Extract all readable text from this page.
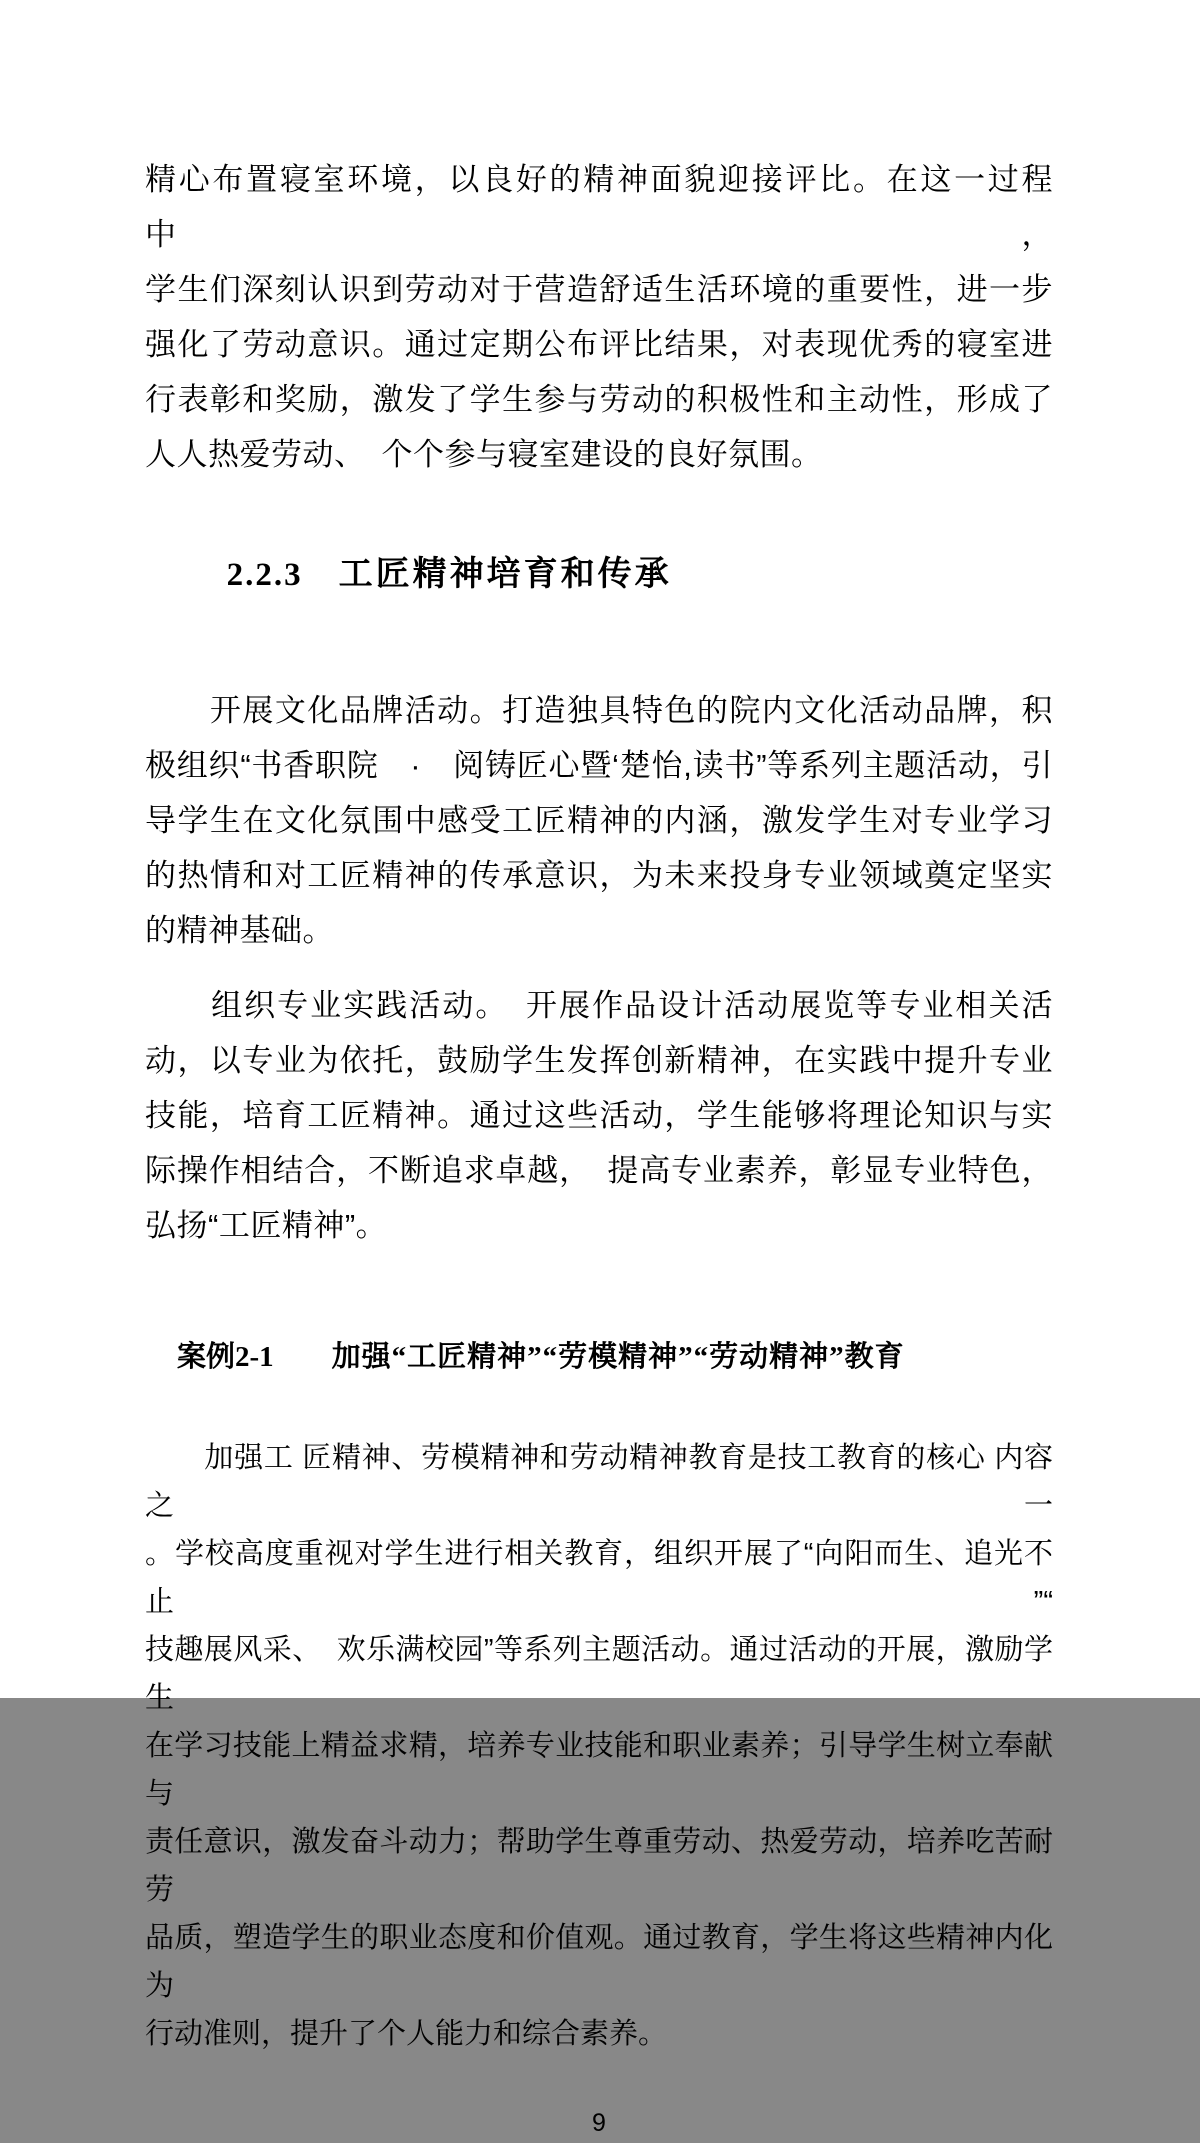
精心布置寝室环境，以良好的精神面貌迎接评比。在这一过程中，
学生们深刻认识到劳动对于营造舒适生活环境的重要性，进一步
强化了劳动意识。通过定期公布评比结果，对表现优秀的寝室进
行表彰和奖励，激发了学生参与劳动的积极性和主动性，形成了
人人热爱劳动、　个个参与寝室建设的良好氛围。

2.2.3 工匠精神培育和传承

　　开展文化品牌活动。打造独具特色的院内文化活动品牌，积
极组织“书香职院　·　阅铸匠心暨‘楚怡,读书”等系列主题活动，引
导学生在文化氛围中感受工匠精神的内涵，激发学生对专业学习
的热情和对工匠精神的传承意识，为未来投身专业领域奠定坚实
的精神基础。
　　组织专业实践活动。　开展作品设计活动展览等专业相关活
动，以专业为依托，鼓励学生发挥创新精神，在实践中提升专业
技能，培育工匠精神。通过这些活动，学生能够将理论知识与实
际操作相结合，不断追求卓越，　提高专业素养，彰显专业特色，
弘扬“工匠精神”。

案例2-1 加强“工匠精神”“劳模精神”“劳动精神”教育

　　加强工 匠精神、劳模精神和劳动精神教育是技工教育的核心 内容之一
。学校高度重视对学生进行相关教育，组织开展了“向阳而生、追光不止”“
技趣展风采、　欢乐满校园”等系列主题活动。通过活动的开展，激励学生
在学习技能上精益求精，培养专业技能和职业素养；引导学生树立奉献与
责任意识，激发奋斗动力；帮助学生尊重劳动、热爱劳动，培养吃苦耐劳
品质，塑造学生的职业态度和价值观。通过教育，学生将这些精神内化为
行动准则，提升了个人能力和综合素养。
9
